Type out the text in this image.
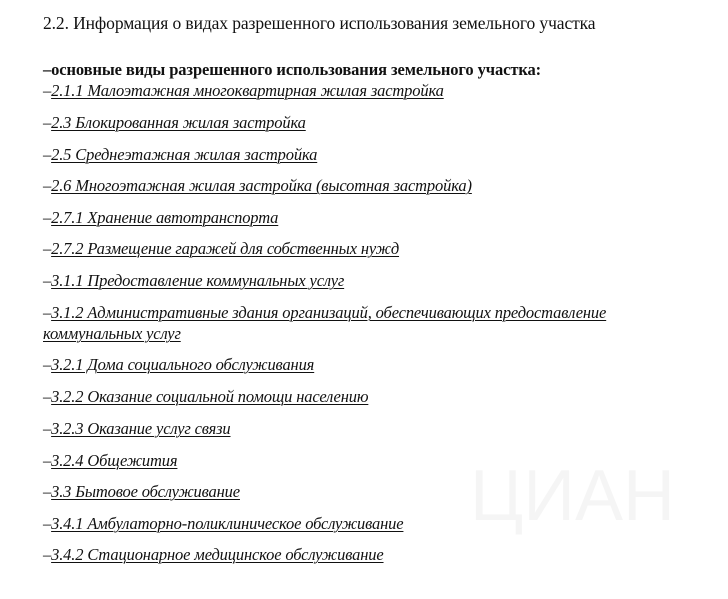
2.2. Информация о видах разрешенного использования земельного участка
–основные виды разрешенного использования земельного участка:
–2.1.1 Малоэтажная многоквартирная жилая застройка
–2.3 Блокированная жилая застройка
–2.5 Среднеэтажная жилая застройка
–2.6 Многоэтажная жилая застройка (высотная застройка)
–2.7.1 Хранение автотранспорта
–2.7.2 Размещение гаражей для собственных нужд
–3.1.1 Предоставление коммунальных услуг
–3.1.2 Административные здания организаций, обеспечивающих предоставление коммунальных услуг
–3.2.1 Дома социального обслуживания
–3.2.2 Оказание социальной помощи населению
–3.2.3 Оказание услуг связи
–3.2.4 Общежития
–3.3 Бытовое обслуживание
–3.4.1 Амбулаторно-поликлиническое обслуживание
–3.4.2 Стационарное медицинское обслуживание
